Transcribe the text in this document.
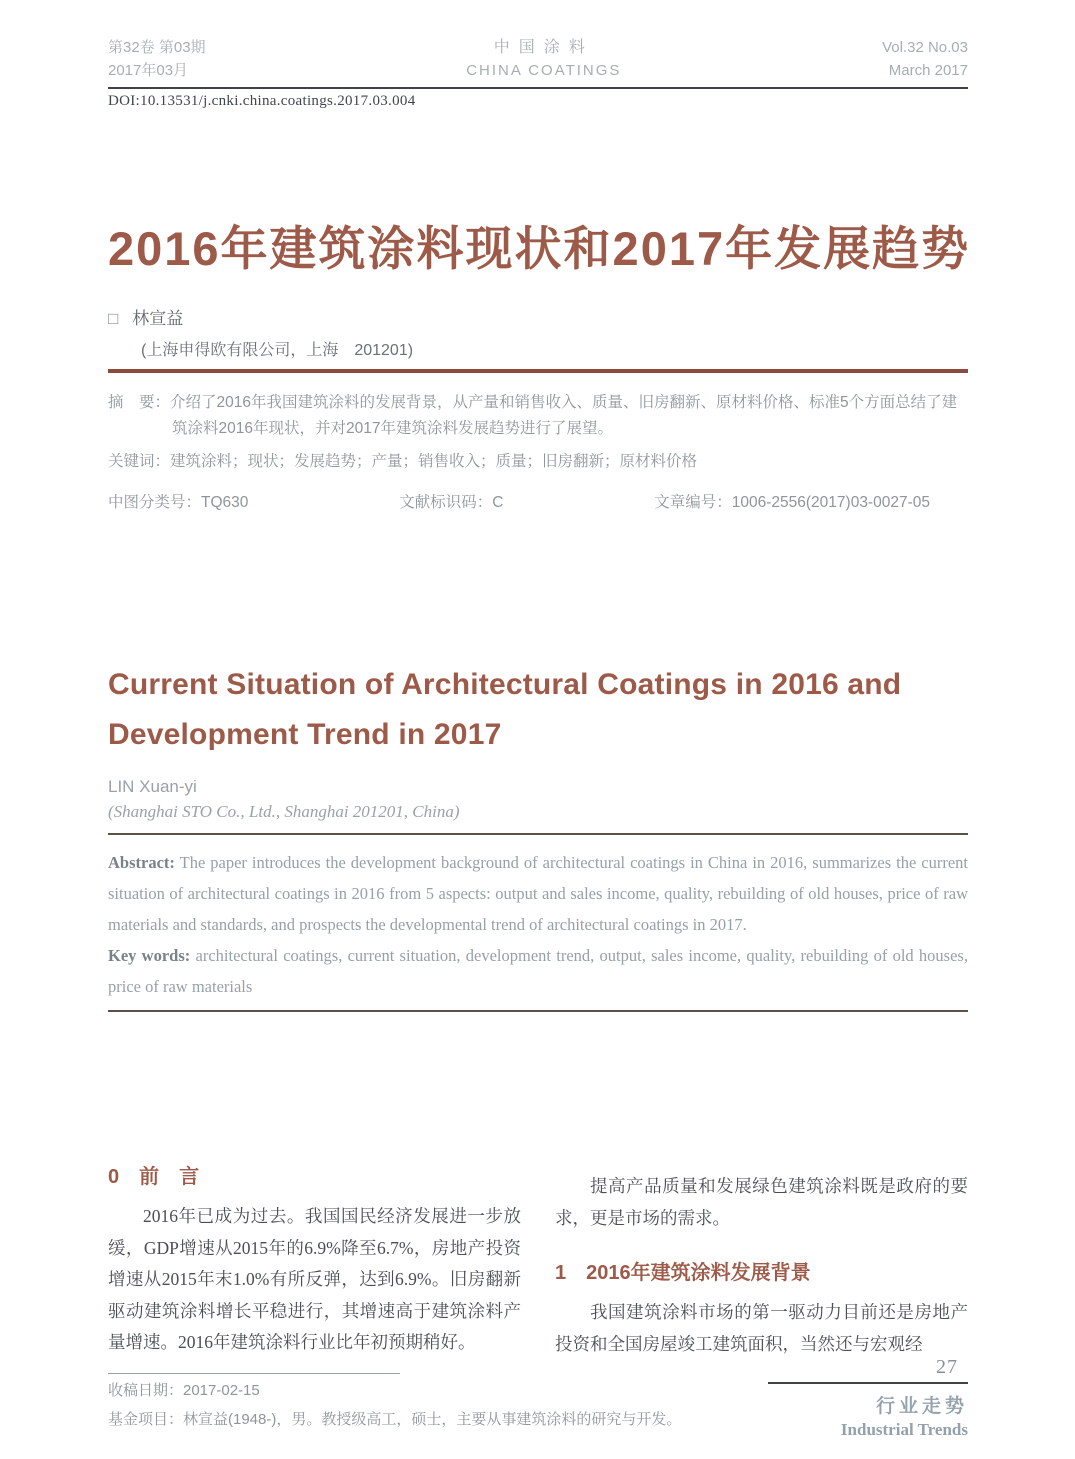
第32卷 第03期
2017年03月
中国涂料
CHINA COATINGS
Vol.32 No.03
March 2017
DOI:10.13531/j.cnki.china.coatings.2017.03.004
2016年建筑涂料现状和2017年发展趋势
□ 林宣益
(上海申得欧有限公司，上海　201201)

摘　要：介绍了2016年我国建筑涂料的发展背景，从产量和销售收入、质量、旧房翻新、原材料价格、标准5个方面总结了建筑涂料2016年现状，并对2017年建筑涂料发展趋势进行了展望。

关键词：建筑涂料；现状；发展趋势；产量；销售收入；质量；旧房翻新；原材料价格

中图分类号：TQ630	文献标识码：C	文章编号：1006-2556(2017)03-0027-05
Current Situation of Architectural Coatings in 2016 and Development Trend in 2017
LIN Xuan-yi
(Shanghai STO Co., Ltd., Shanghai 201201, China)

Abstract: The paper introduces the development background of architectural coatings in China in 2016, summarizes the current situation of architectural coatings in 2016 from 5 aspects: output and sales income, quality, rebuilding of old houses, price of raw materials and standards, and prospects the developmental trend of architectural coatings in 2017.

Key words: architectural coatings, current situation, development trend, output, sales income, quality, rebuilding of old houses, price of raw materials

0　前　言

2016年已成为过去。我国国民经济发展进一步放缓，GDP增速从2015年的6.9%降至6.7%，房地产投资增速从2015年末1.0%有所反弹，达到6.9%。旧房翻新驱动建筑涂料增长平稳进行，其增速高于建筑涂料产量增速。2016年建筑涂料行业比年初预期稍好。

提高产品质量和发展绿色建筑涂料既是政府的要求，更是市场的需求。

1　2016年建筑涂料发展背景

我国建筑涂料市场的第一驱动力目前还是房地产投资和全国房屋竣工建筑面积，当然还与宏观经

收稿日期：2017-02-15
基金项目：林宣益(1948-)，男。教授级高工，硕士，主要从事建筑涂料的研究与开发。
27
行业走势
Industrial Trends
